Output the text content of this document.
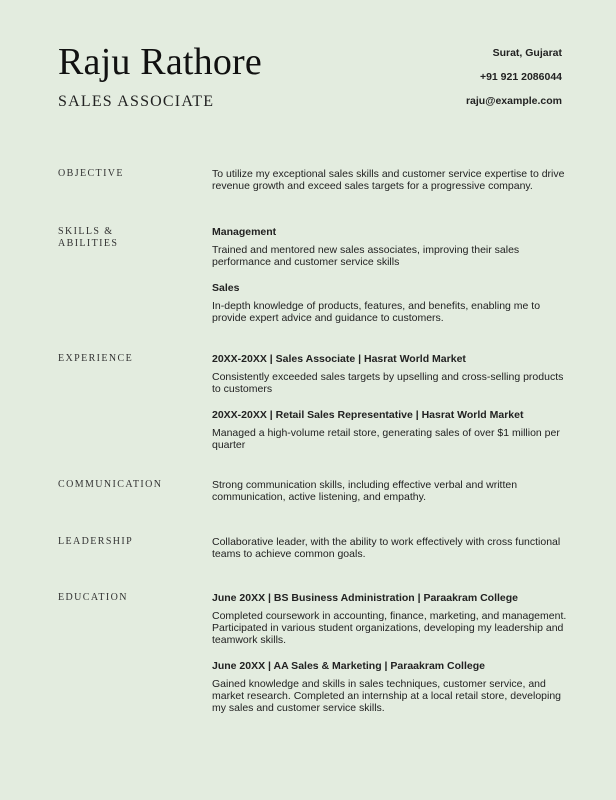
Raju Rathore
SALES ASSOCIATE
Surat, Gujarat
+91 921 2086044
raju@example.com
OBJECTIVE	To utilize my exceptional sales skills and customer service expertise to drive revenue growth and exceed sales targets for a progressive company.
SKILLS & ABILITIES
Management
Trained and mentored new sales associates, improving their sales performance and customer service skills
Sales
In-depth knowledge of products, features, and benefits, enabling me to provide expert advice and guidance to customers.
EXPERIENCE	20XX-20XX | Sales Associate | Hasrat World Market
Consistently exceeded sales targets by upselling and cross-selling products to customers
20XX-20XX | Retail Sales Representative | Hasrat World Market
Managed a high-volume retail store, generating sales of over $1 million per quarter
COMMUNICATION	Strong communication skills, including effective verbal and written communication, active listening, and empathy.
LEADERSHIP	Collaborative leader, with the ability to work effectively with cross functional teams to achieve common goals.
EDUCATION	June 20XX | BS Business Administration | Paraakram College
Completed coursework in accounting, finance, marketing, and management. Participated in various student organizations, developing my leadership and teamwork skills.
June 20XX | AA Sales & Marketing | Paraakram College
Gained knowledge and skills in sales techniques, customer service, and market research. Completed an internship at a local retail store, developing my sales and customer service skills.
